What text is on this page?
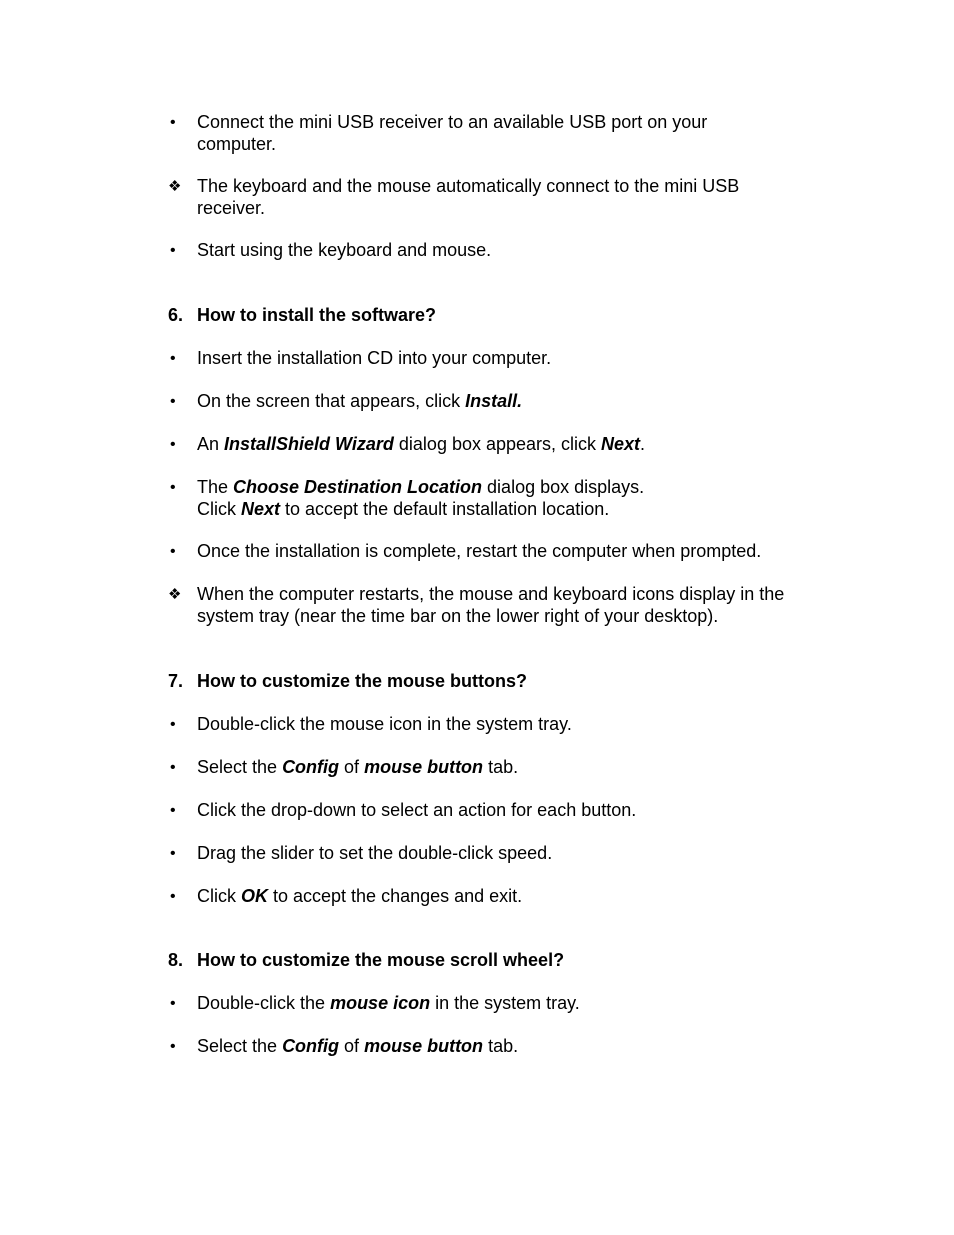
•	Connect the mini USB receiver to an available USB port on your
computer.
❖ The keyboard and the mouse automatically connect to the mini USB
receiver.
•	Start using the keyboard and mouse.
6. How to install the software?
•	Insert the installation CD into your computer.
•	On the screen that appears, click Install.
•	An InstallShield Wizard dialog box appears, click Next.
•	The Choose Destination Location dialog box displays.
Click Next to accept the default installation location.
•	Once the installation is complete, restart the computer when prompted.
❖ When the computer restarts, the mouse and keyboard icons display in the
system tray (near the time bar on the lower right of your desktop).
7. How to customize the mouse buttons?
•	Double-click the mouse icon in the system tray.
•	Select the Config of mouse button tab.
•	Click the drop-down to select an action for each button.
•	Drag the slider to set the double-click speed.
•	Click OK to accept the changes and exit.
8. How to customize the mouse scroll wheel?
•	Double-click the mouse icon in the system tray.
•	Select the Config of mouse button tab.
